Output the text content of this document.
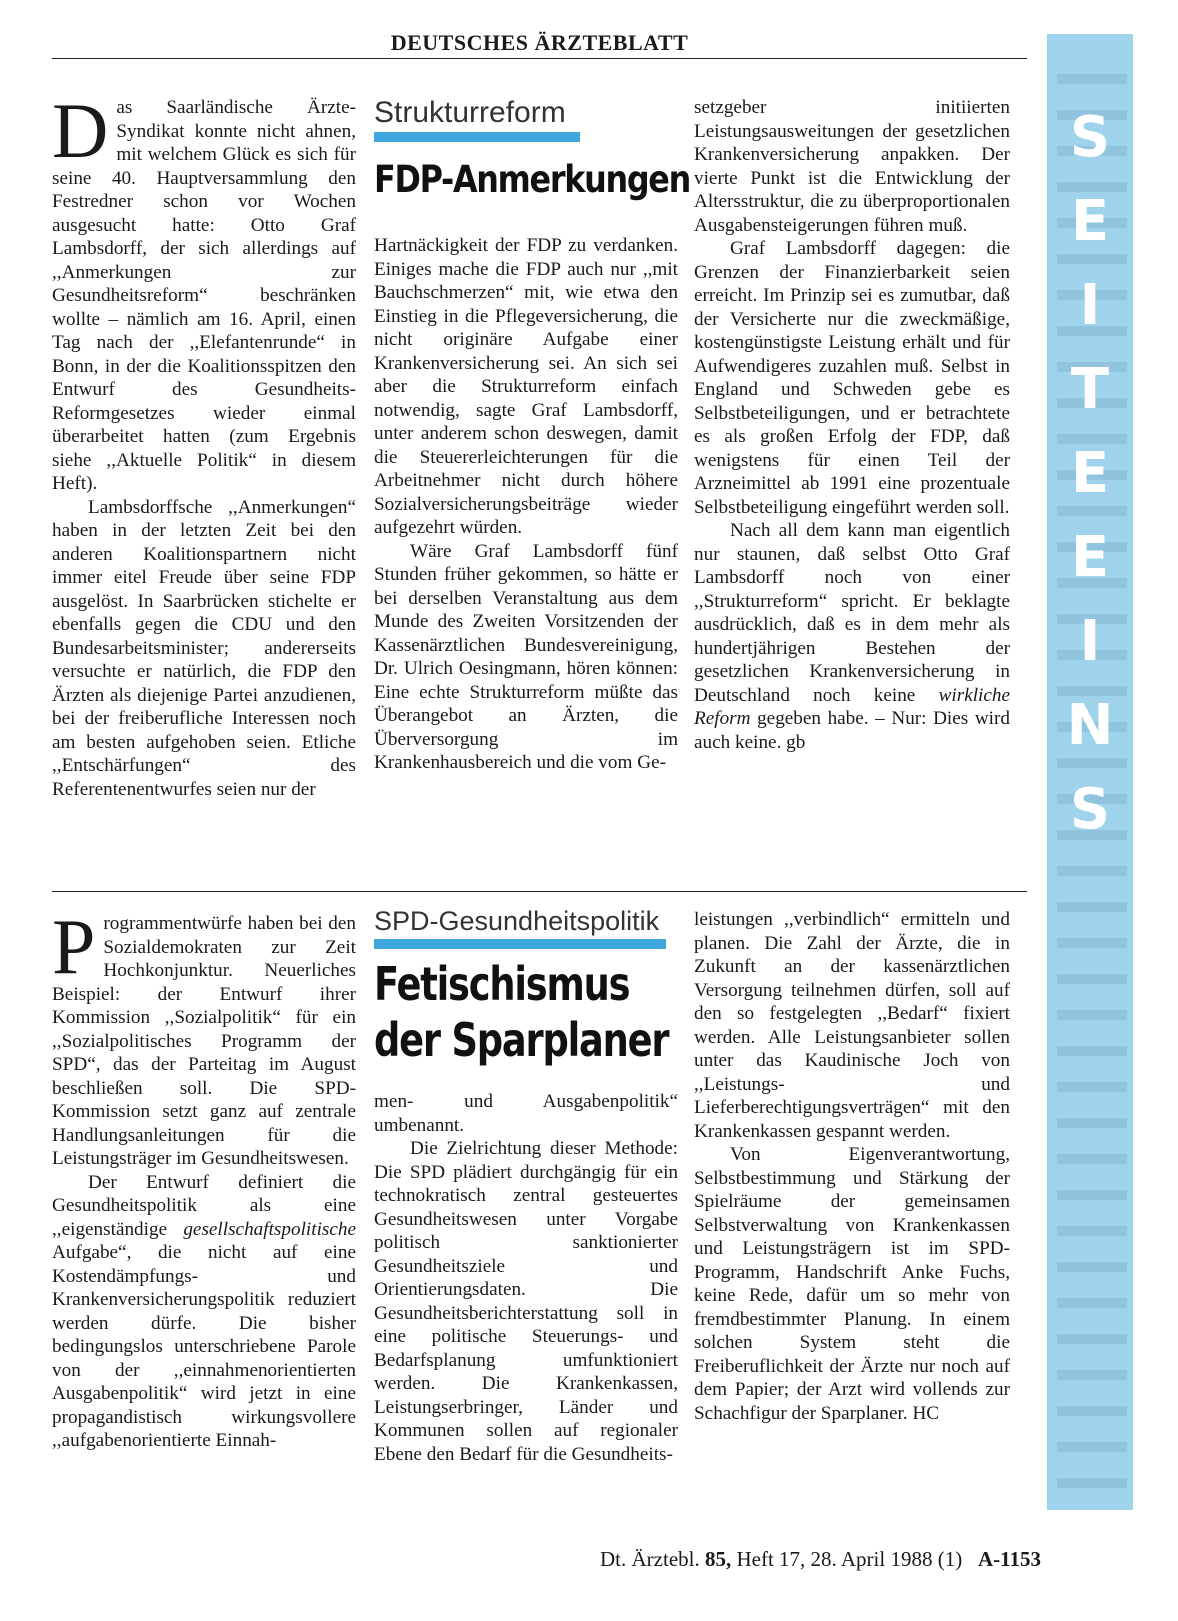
DEUTSCHES ÄRZTEBLATT
S
E
I
T
E
E
I
N
S
D as Saarländische Ärzte-Syndikat konnte nicht ahnen, mit welchem Glück es sich für seine 40. Hauptversammlung den Festredner schon vor Wochen ausgesucht hatte: Otto Graf Lambsdorff, der sich allerdings auf ,,Anmerkungen zur Gesundheitsreform“ beschränken wollte – nämlich am 16. April, einen Tag nach der ,,Elefantenrunde“ in Bonn, in der die Koalitionsspitzen den Entwurf des Gesundheits-Reformgesetzes wieder einmal überarbeitet hatten (zum Ergebnis siehe ,,Aktuelle Politik“ in diesem Heft).

Lambsdorffsche ,,Anmerkungen“ haben in der letzten Zeit bei den anderen Koalitionspartnern nicht immer eitel Freude über seine FDP ausgelöst. In Saarbrücken stichelte er ebenfalls gegen die CDU und den Bundesarbeitsminister; andererseits versuchte er natürlich, die FDP den Ärzten als diejenige Partei anzudienen, bei der freiberufliche Interessen noch am besten aufgehoben seien. Etliche ,,Entschärfungen“ des Referentenentwurfes seien nur der

Strukturreform
FDP-Anmerkungen

Hartnäckigkeit der FDP zu verdanken. Einiges mache die FDP auch nur ,,mit Bauchschmerzen“ mit, wie etwa den Einstieg in die Pflegeversicherung, die nicht originäre Aufgabe einer Krankenversicherung sei. An sich sei aber die Strukturreform einfach notwendig, sagte Graf Lambsdorff, unter anderem schon deswegen, damit die Steuererleichterungen für die Arbeitnehmer nicht durch höhere Sozialversicherungsbeiträge wieder aufgezehrt würden.

Wäre Graf Lambsdorff fünf Stunden früher gekommen, so hätte er bei derselben Veranstaltung aus dem Munde des Zweiten Vorsitzenden der Kassenärztlichen Bundesvereinigung, Dr. Ulrich Oesingmann, hören können: Eine echte Strukturreform müßte das Überangebot an Ärzten, die Überversorgung im Krankenhausbereich und die vom Ge-

setzgeber initiierten Leistungsausweitungen der gesetzlichen Krankenversicherung anpakken. Der vierte Punkt ist die Entwicklung der Altersstruktur, die zu überproportionalen Ausgabensteigerungen führen muß.

Graf Lambsdorff dagegen: die Grenzen der Finanzierbarkeit seien erreicht. Im Prinzip sei es zumutbar, daß der Versicherte nur die zweckmäßige, kostengünstigste Leistung erhält und für Aufwendigeres zuzahlen muß. Selbst in England und Schweden gebe es Selbstbeteiligungen, und er betrachtete es als großen Erfolg der FDP, daß wenigstens für einen Teil der Arzneimittel ab 1991 eine prozentuale Selbstbeteiligung eingeführt werden soll.

Nach all dem kann man eigentlich nur staunen, daß selbst Otto Graf Lambsdorff noch von einer ,,Strukturreform“ spricht. Er beklagte ausdrücklich, daß es in dem mehr als hundertjährigen Bestehen der gesetzlichen Krankenversicherung in Deutschland noch keine wirkliche Reform gegeben habe. – Nur: Dies wird auch keine. gb

P rogrammentwürfe haben bei den Sozialdemokraten zur Zeit Hochkonjunktur. Neuerliches Beispiel: der Entwurf ihrer Kommission ,,Sozialpolitik“ für ein ,,Sozialpolitisches Programm der SPD“, das der Parteitag im August beschließen soll. Die SPD-Kommission setzt ganz auf zentrale Handlungsanleitungen für die Leistungsträger im Gesundheitswesen.

Der Entwurf definiert die Gesundheitspolitik als eine ,,eigenständige gesellschaftspolitische Aufgabe“, die nicht auf eine Kostendämpfungs- und Krankenversicherungspolitik reduziert werden dürfe. Die bisher bedingungslos unterschriebene Parole von der ,,einnahmenorientierten Ausgabenpolitik“ wird jetzt in eine propagandistisch wirkungsvollere ,,aufgabenorientierte Einnah-

SPD-Gesundheitspolitik
Fetischismus
der Sparplaner

men- und Ausgabenpolitik“ umbenannt.

Die Zielrichtung dieser Methode: Die SPD plädiert durchgängig für ein technokratisch zentral gesteuertes Gesundheitswesen unter Vorgabe politisch sanktionierter Gesundheitsziele und Orientierungsdaten. Die Gesundheitsberichterstattung soll in eine politische Steuerungs- und Bedarfsplanung umfunktioniert werden. Die Krankenkassen, Leistungserbringer, Länder und Kommunen sollen auf regionaler Ebene den Bedarf für die Gesundheits-

leistungen ,,verbindlich“ ermitteln und planen. Die Zahl der Ärzte, die in Zukunft an der kassenärztlichen Versorgung teilnehmen dürfen, soll auf den so festgelegten ,,Bedarf“ fixiert werden. Alle Leistungsanbieter sollen unter das Kaudinische Joch von ,,Leistungs- und Lieferberechtigungsverträgen“ mit den Krankenkassen gespannt werden.

Von Eigenverantwortung, Selbstbestimmung und Stärkung der Spielräume der gemeinsamen Selbstverwaltung von Krankenkassen und Leistungsträgern ist im SPD-Programm, Handschrift Anke Fuchs, keine Rede, dafür um so mehr von fremdbestimmter Planung. In einem solchen System steht die Freiberuflichkeit der Ärzte nur noch auf dem Papier; der Arzt wird vollends zur Schachfigur der Sparplaner. HC

Dt. Ärztebl. 85, Heft 17, 28. April 1988 (1) A-1153
